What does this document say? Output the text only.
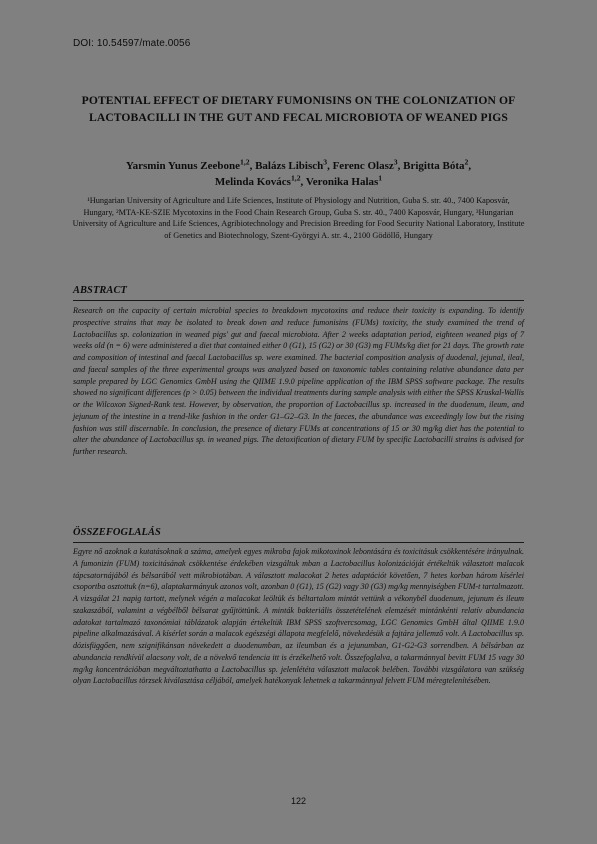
DOI: 10.54597/mate.0056
POTENTIAL EFFECT OF DIETARY FUMONISINS ON THE COLONIZATION OF LACTOBACILLI IN THE GUT AND FECAL MICROBIOTA OF WEANED PIGS
Yarsmin Yunus Zeebone$^{1,2}$, Balázs Libisch$^3$, Ferenc Olasz$^3$, Brigitta Bóta$^2$,
Melinda Kovács$^{1,2}$, Veronika Halas$^1$
¹Hungarian University of Agriculture and Life Sciences, Institute of Physiology and Nutrition, Guba S. str. 40., 7400 Kaposvár, Hungary, ²MTA-KE-SZIE Mycotoxins in the Food Chain Research Group, Guba S. str. 40., 7400 Kaposvár, Hungary, ³Hungarian University of Agriculture and Life Sciences, Agribiotechnology and Precision Breeding for Food Security National Laboratory, Institute of Genetics and Biotechnology, Szent-Györgyi A. str. 4., 2100 Gödöllő, Hungary
ABSTRACT

Research on the capacity of certain microbial species to breakdown mycotoxins and reduce their toxicity is expanding. To identify prospective strains that may be isolated to break down and reduce fumonisins (FUMs) toxicity, the study examined the trend of Lactobacillus sp. colonization in weaned pigs' gut and faecal microbiota. After 2 weeks adaptation period, eighteen weaned pigs of 7 weeks old (n = 6) were administered a diet that contained either 0 (G1), 15 (G2) or 30 (G3) mg FUMs/kg diet for 21 days. The growth rate and composition of intestinal and faecal Lactobacillus sp. were examined. The bacterial composition analysis of duodenal, jejunal, ileal, and faecal samples of the three experimental groups was analyzed based on taxonomic tables containing relative abundance data per sample prepared by LGC Genomics GmbH using the QIIME 1.9.0 pipeline application of the IBM SPSS software package. The results showed no significant differences (p > 0.05) between the individual treatments during sample analysis with either the SPSS Kruskal-Wallis or the Wilcoxon Signed-Rank test. However, by observation, the proportion of Lactobacillus sp. increased in the duodenum, ileum, and jejunum of the intestine in a trend-like fashion in the order G1–G2–G3. In the faeces, the abundance was exceedingly low but the rising fashion was still discernable. In conclusion, the presence of dietary FUMs at concentrations of 15 or 30 mg/kg diet has the potential to alter the abundance of Lactobacillus sp. in weaned pigs. The detoxification of dietary FUM by specific Lactobacilli strains is advised for further research.

ÖSSZEFOGLALÁS

Egyre nő azoknak a kutatásoknak a száma, amelyek egyes mikroba fajok mikotoxinok lebontására és toxicitásuk csökkentésére irányulnak. A fumonizin (FUM) toxicitásának csökkentése érdekében vizsgáltuk mban a Lactobacillus kolonizációját értékeltük választott malacok tápcsatornájából és bélsarából vett mikrobiotában. A választott malacokat 2 hetes adaptációt követően, 7 hetes korban három kísérlei csoportba osztottuk (n=6), alaptakarmányuk azonos volt, azonban 0 (G1), 15 (G2) vagy 30 (G3) mg/kg mennyiségben FUM-t tartalmazott. A vizsgálat 21 napig tartott, melynek végén a malacokat leöltük és béltartalom mintát vettünk a vékonybél duodenum, jejunum és ileum szakaszából, valamint a végbélből bélsarat gyűjtöttünk. A minták bakteriális összetételének elemzését mintánkénti relatív abundancia adatokat tartalmazó taxonómiai táblázatok alapján értékeltük IBM SPSS szoftvercsomag, LGC Genomics GmbH által QIIME 1.9.0 pipeline alkalmazásával. A kísérlet során a malacok egészségi állapota megfelelő, növekedésük a fajtára jellemző volt. A Lactobacillus sp. dózisfüggően, nem szignifikánsan növekedett a duodenumban, az ileumban és a jejunumban, G1-G2-G3 sorrendben. A bélsárban az abundancia rendkívül alacsony volt, de a növekvő tendencia itt is érzékelhető volt. Összefoglalva, a takarmánnyal bevitt FUM 15 vagy 30 mg/kg koncentrációban megváltoztathatta a Lactobacillus sp. jelenlététa választott malacok belében. További vizsgálatora van szükség olyan Lactobacillus törzsek kiválasztása céljából, amelyek hatékonyak lehetnek a takarmánnyal felvett FUM méregtelenítésében.

122
